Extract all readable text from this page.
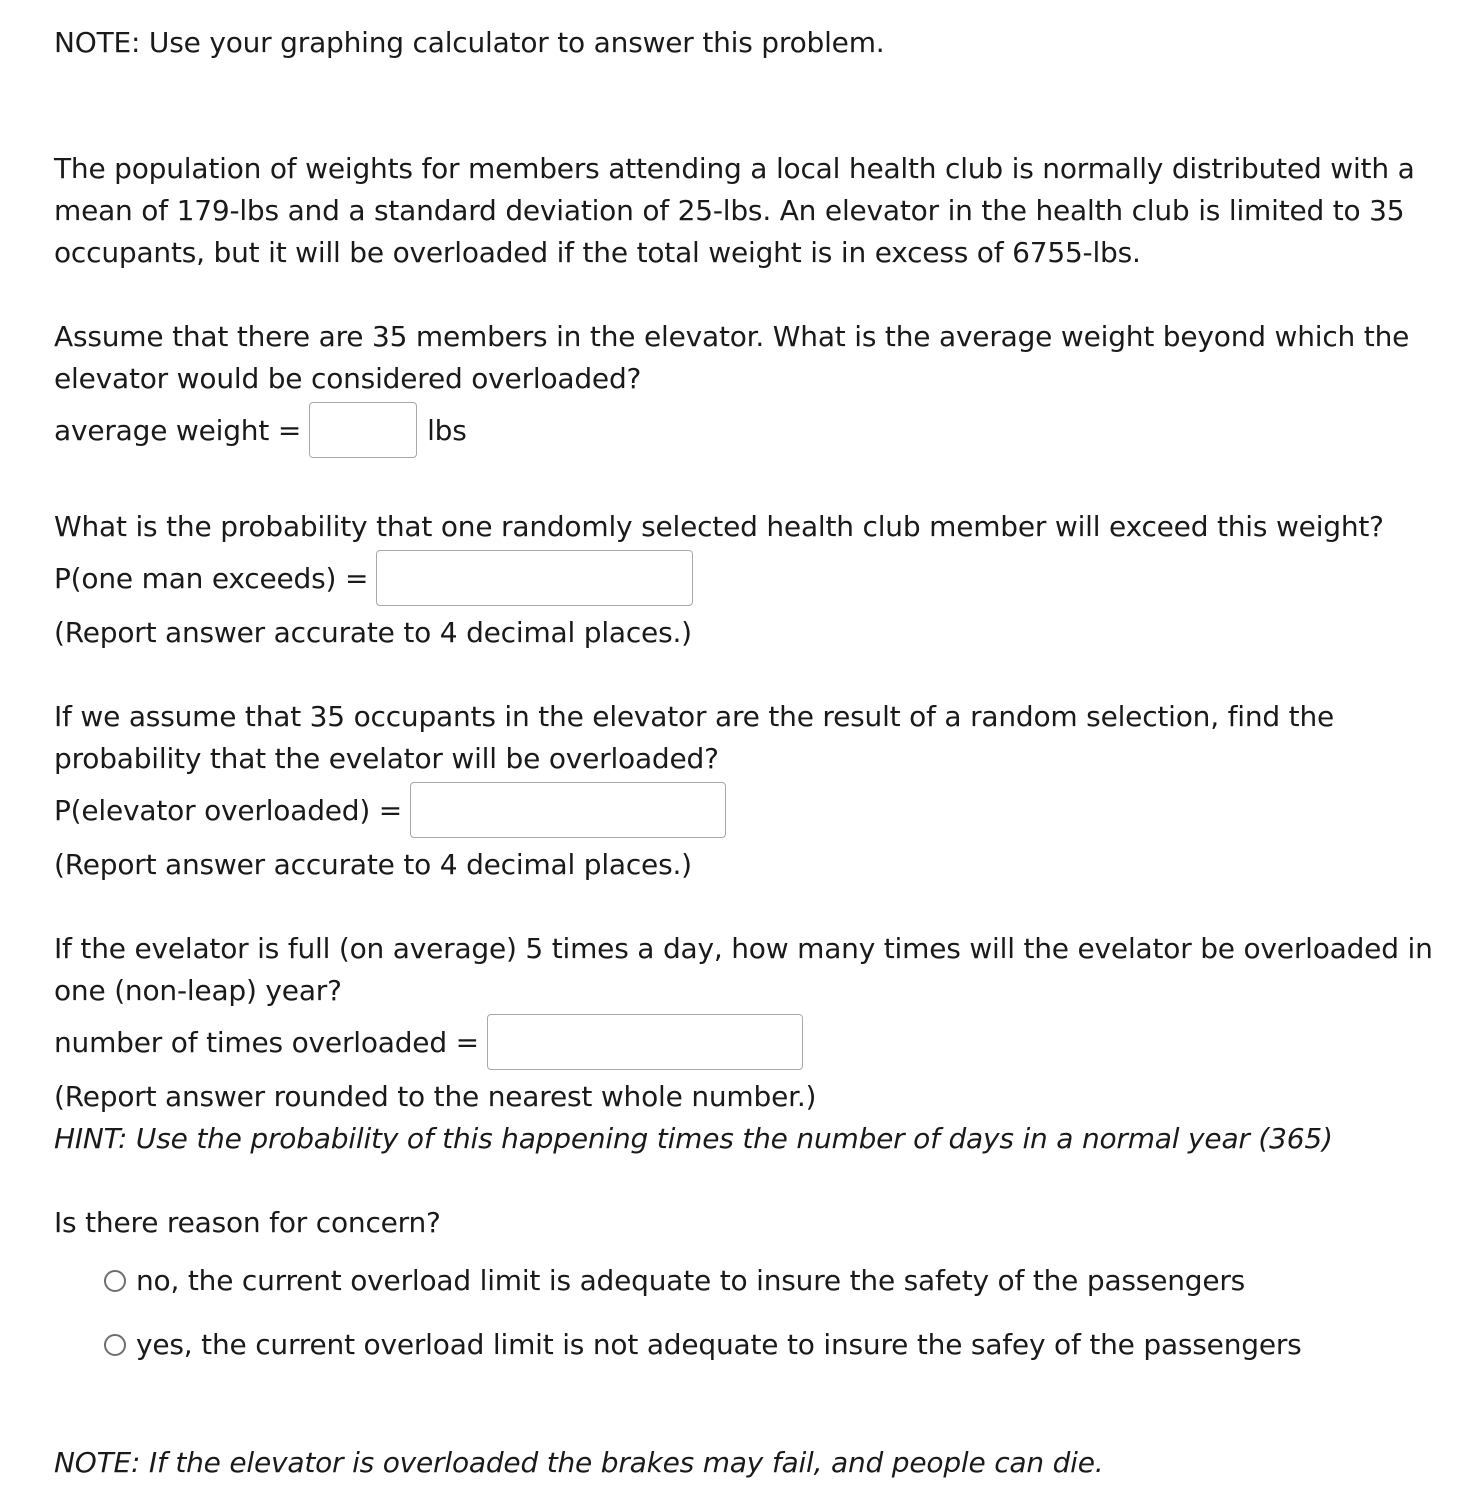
NOTE: Use your graphing calculator to answer this problem.
The population of weights for members attending a local health club is normally distributed with a
mean of 179-lbs and a standard deviation of 25-lbs. An elevator in the health club is limited to 35
occupants, but it will be overloaded if the total weight is in excess of 6755-lbs.
Assume that there are 35 members in the elevator. What is the average weight beyond which the
elevator would be considered overloaded?
average weight =	lbs
What is the probability that one randomly selected health club member will exceed this weight?
P(one man exceeds) =
(Report answer accurate to 4 decimal places.)
If we assume that 35 occupants in the elevator are the result of a random selection, find the
probability that the evelator will be overloaded?
P(elevator overloaded) =
(Report answer accurate to 4 decimal places.)
If the evelator is full (on average) 5 times a day, how many times will the evelator be overloaded in
one (non-leap) year?
number of times overloaded =
(Report answer rounded to the nearest whole number.)
HINT: Use the probability of this happening times the number of days in a normal year (365)
Is there reason for concern?
no, the current overload limit is adequate to insure the safety of the passengers
yes, the current overload limit is not adequate to insure the safey of the passengers
NOTE: If the elevator is overloaded the brakes may fail, and people can die.
